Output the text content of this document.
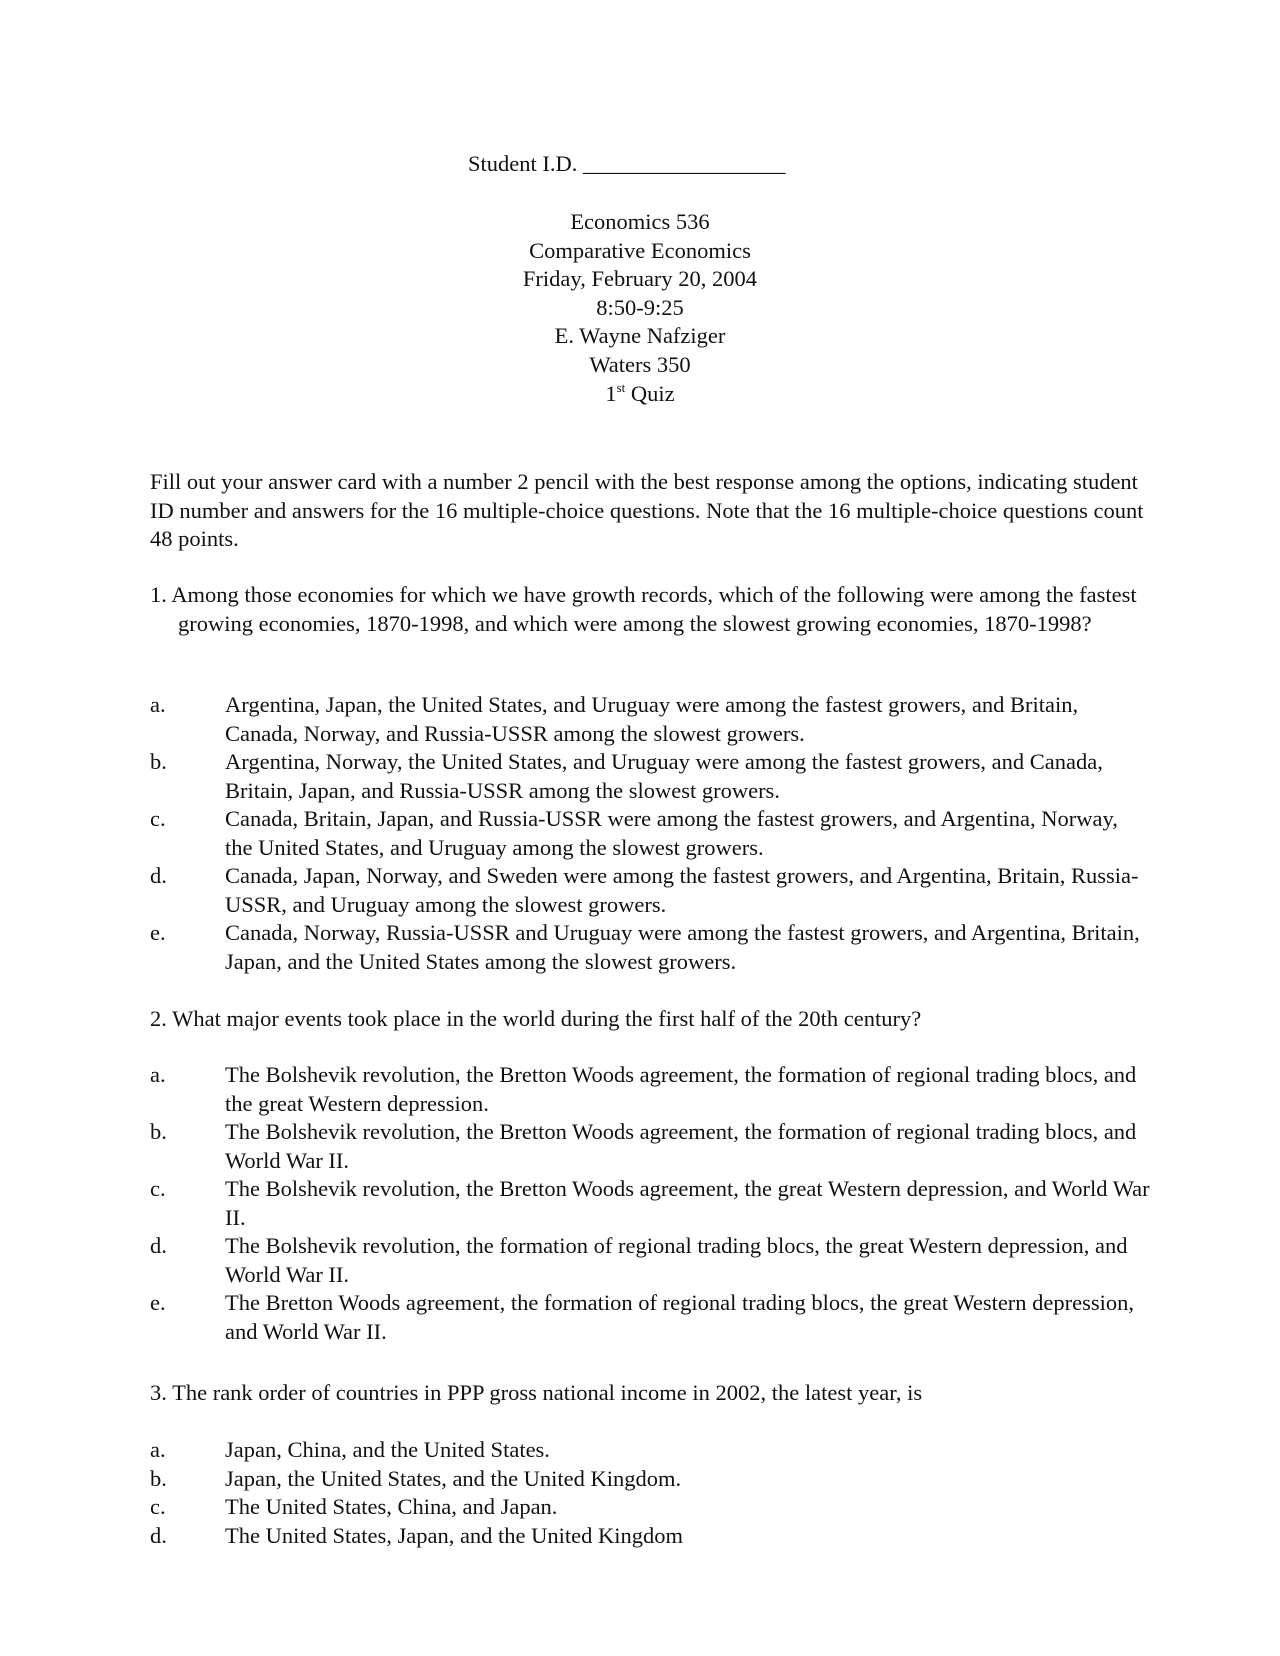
Student I.D. __________________
Economics 536
Comparative Economics
Friday, February 20, 2004
8:50-9:25
E. Wayne Nafziger
Waters 350
1st Quiz

Fill out your answer card with a number 2 pencil with the best response among the options, indicating student ID number and answers for the 16 multiple-choice questions. Note that the 16 multiple-choice questions count 48 points.

1. Among those economies for which we have growth records, which of the following were among the fastest growing economies, 1870-1998, and which were among the slowest growing economies, 1870-1998?
a.	Argentina, Japan, the United States, and Uruguay were among the fastest growers, and Britain, Canada, Norway, and Russia-USSR among the slowest growers.
b.	Argentina, Norway, the United States, and Uruguay were among the fastest growers, and Canada, Britain, Japan, and Russia-USSR among the slowest growers.
c.	Canada, Britain, Japan, and Russia-USSR were among the fastest growers, and Argentina, Norway, the United States, and Uruguay among the slowest growers.
d.	Canada, Japan, Norway, and Sweden were among the fastest growers, and Argentina, Britain, Russia-USSR, and Uruguay among the slowest growers.
e.	Canada, Norway, Russia-USSR and Uruguay were among the fastest growers, and Argentina, Britain, Japan, and the United States among the slowest growers.
2. What major events took place in the world during the first half of the 20th century?
a.	The Bolshevik revolution, the Bretton Woods agreement, the formation of regional trading blocs, and the great Western depression.
b.	The Bolshevik revolution, the Bretton Woods agreement, the formation of regional trading blocs, and World War II.
c.	The Bolshevik revolution, the Bretton Woods agreement, the great Western depression, and World War II.
d.	The Bolshevik revolution, the formation of regional trading blocs, the great Western depression, and World War II.
e.	The Bretton Woods agreement, the formation of regional trading blocs, the great Western depression, and World War II.
3. The rank order of countries in PPP gross national income in 2002, the latest year, is
a.	Japan, China, and the United States.
b.	Japan, the United States, and the United Kingdom.
c.	The United States, China, and Japan.
d.	The United States, Japan, and the United Kingdom
